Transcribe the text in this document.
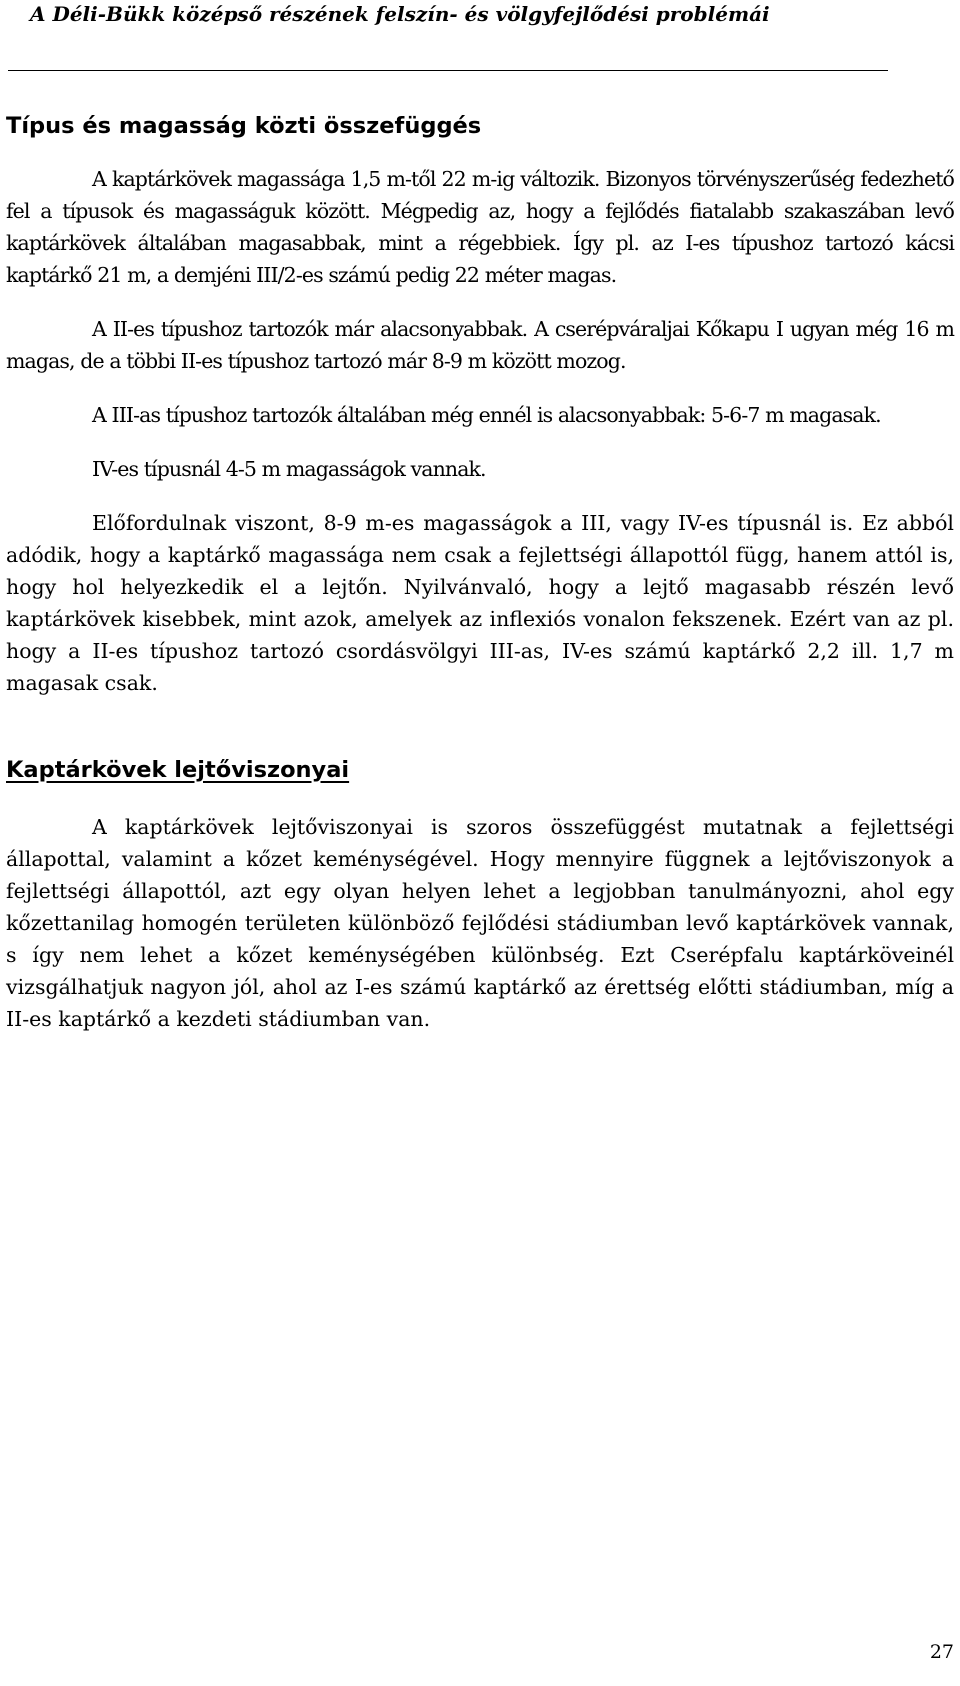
A Déli-Bükk középső részének felszín- és völgyfejlődési problémái
Típus és magasság közti összefüggés

A kaptárkövek magassága 1,5 m-től 22 m-ig változik. Bizonyos törvényszerűség fedezhető fel a típusok és magasságuk között. Mégpedig az, hogy a fejlődés fiatalabb szakaszában levő kaptárkövek általában magasabbak, mint a régebbiek. Így pl. az I-es típushoz tartozó kácsi kaptárkő 21 m, a demjéni III/2-es számú pedig 22 méter magas.

A II-es típushoz tartozók már alacsonyabbak. A cserépváraljai Kőkapu I ugyan még 16 m magas, de a többi II-es típushoz tartozó már 8-9 m között mozog.

A III-as típushoz tartozók általában még ennél is alacsonyabbak: 5-6-7 m magasak.

IV-es típusnál 4-5 m magasságok vannak.

Előfordulnak viszont, 8-9 m-es magasságok a III, vagy IV-es típusnál is. Ez abból adódik, hogy a kaptárkő magassága nem csak a fejlettségi állapottól függ, hanem attól is, hogy hol helyezkedik el a lejtőn. Nyilvánvaló, hogy a lejtő magasabb részén levő kaptárkövek kisebbek, mint azok, amelyek az inflexiós vonalon fekszenek. Ezért van az pl. hogy a II-es típushoz tartozó csordásvölgyi III-as, IV-es számú kaptárkő 2,2 ill. 1,7 m magasak csak.

Kaptárkövek lejtőviszonyai

A kaptárkövek lejtőviszonyai is szoros összefüggést mutatnak a fejlettségi állapottal, valamint a kőzet keménységével. Hogy mennyire függnek a lejtőviszonyok a fejlettségi állapottól, azt egy olyan helyen lehet a legjobban tanulmányozni, ahol egy kőzettanilag homogén területen különböző fejlődési stádiumban levő kaptárkövek vannak, s így nem lehet a kőzet keménységében különbség. Ezt Cserépfalu kaptárköveinél vizsgálhatjuk nagyon jól, ahol az I-es számú kaptárkő az érettség előtti stádiumban, míg a II-es kaptárkő a kezdeti stádiumban van.

27
